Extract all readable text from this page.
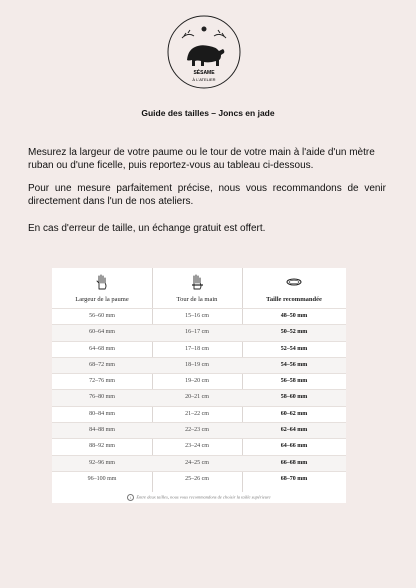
SÉSAME
À L'ATELIER
Guide des tailles – Joncs en jade
Mesurez la largeur de votre paume ou le tour de votre main à l'aide d'un mètre ruban ou d'une ficelle, puis reportez-vous au tableau ci-dessous.
Pour une mesure parfaitement précise, nous vous recommandons de venir directement dans l'un de nos ateliers.
En cas d'erreur de taille, un échange gratuit est offert.
Largeur de la paume	Tour de la main	Taille recommandée
56–60 mm	15–16 cm	48–50 mm
60–64 mm	16–17 cm	50–52 mm
64–68 mm	17–18 cm	52–54 mm
68–72 mm	18–19 cm	54–56 mm
72–76 mm	19–20 cm	56–58 mm
76–80 mm	20–21 cm	58–60 mm
80–84 mm	21–22 cm	60–62 mm
84–88 mm	22–23 cm	62–64 mm
88–92 mm	23–24 cm	64–66 mm
92–96 mm	24–25 cm	66–68 mm
96–100 mm	25–26 cm	68–70 mm
i Entre deux tailles, nous vous recommandons de choisir la taille supérieure
